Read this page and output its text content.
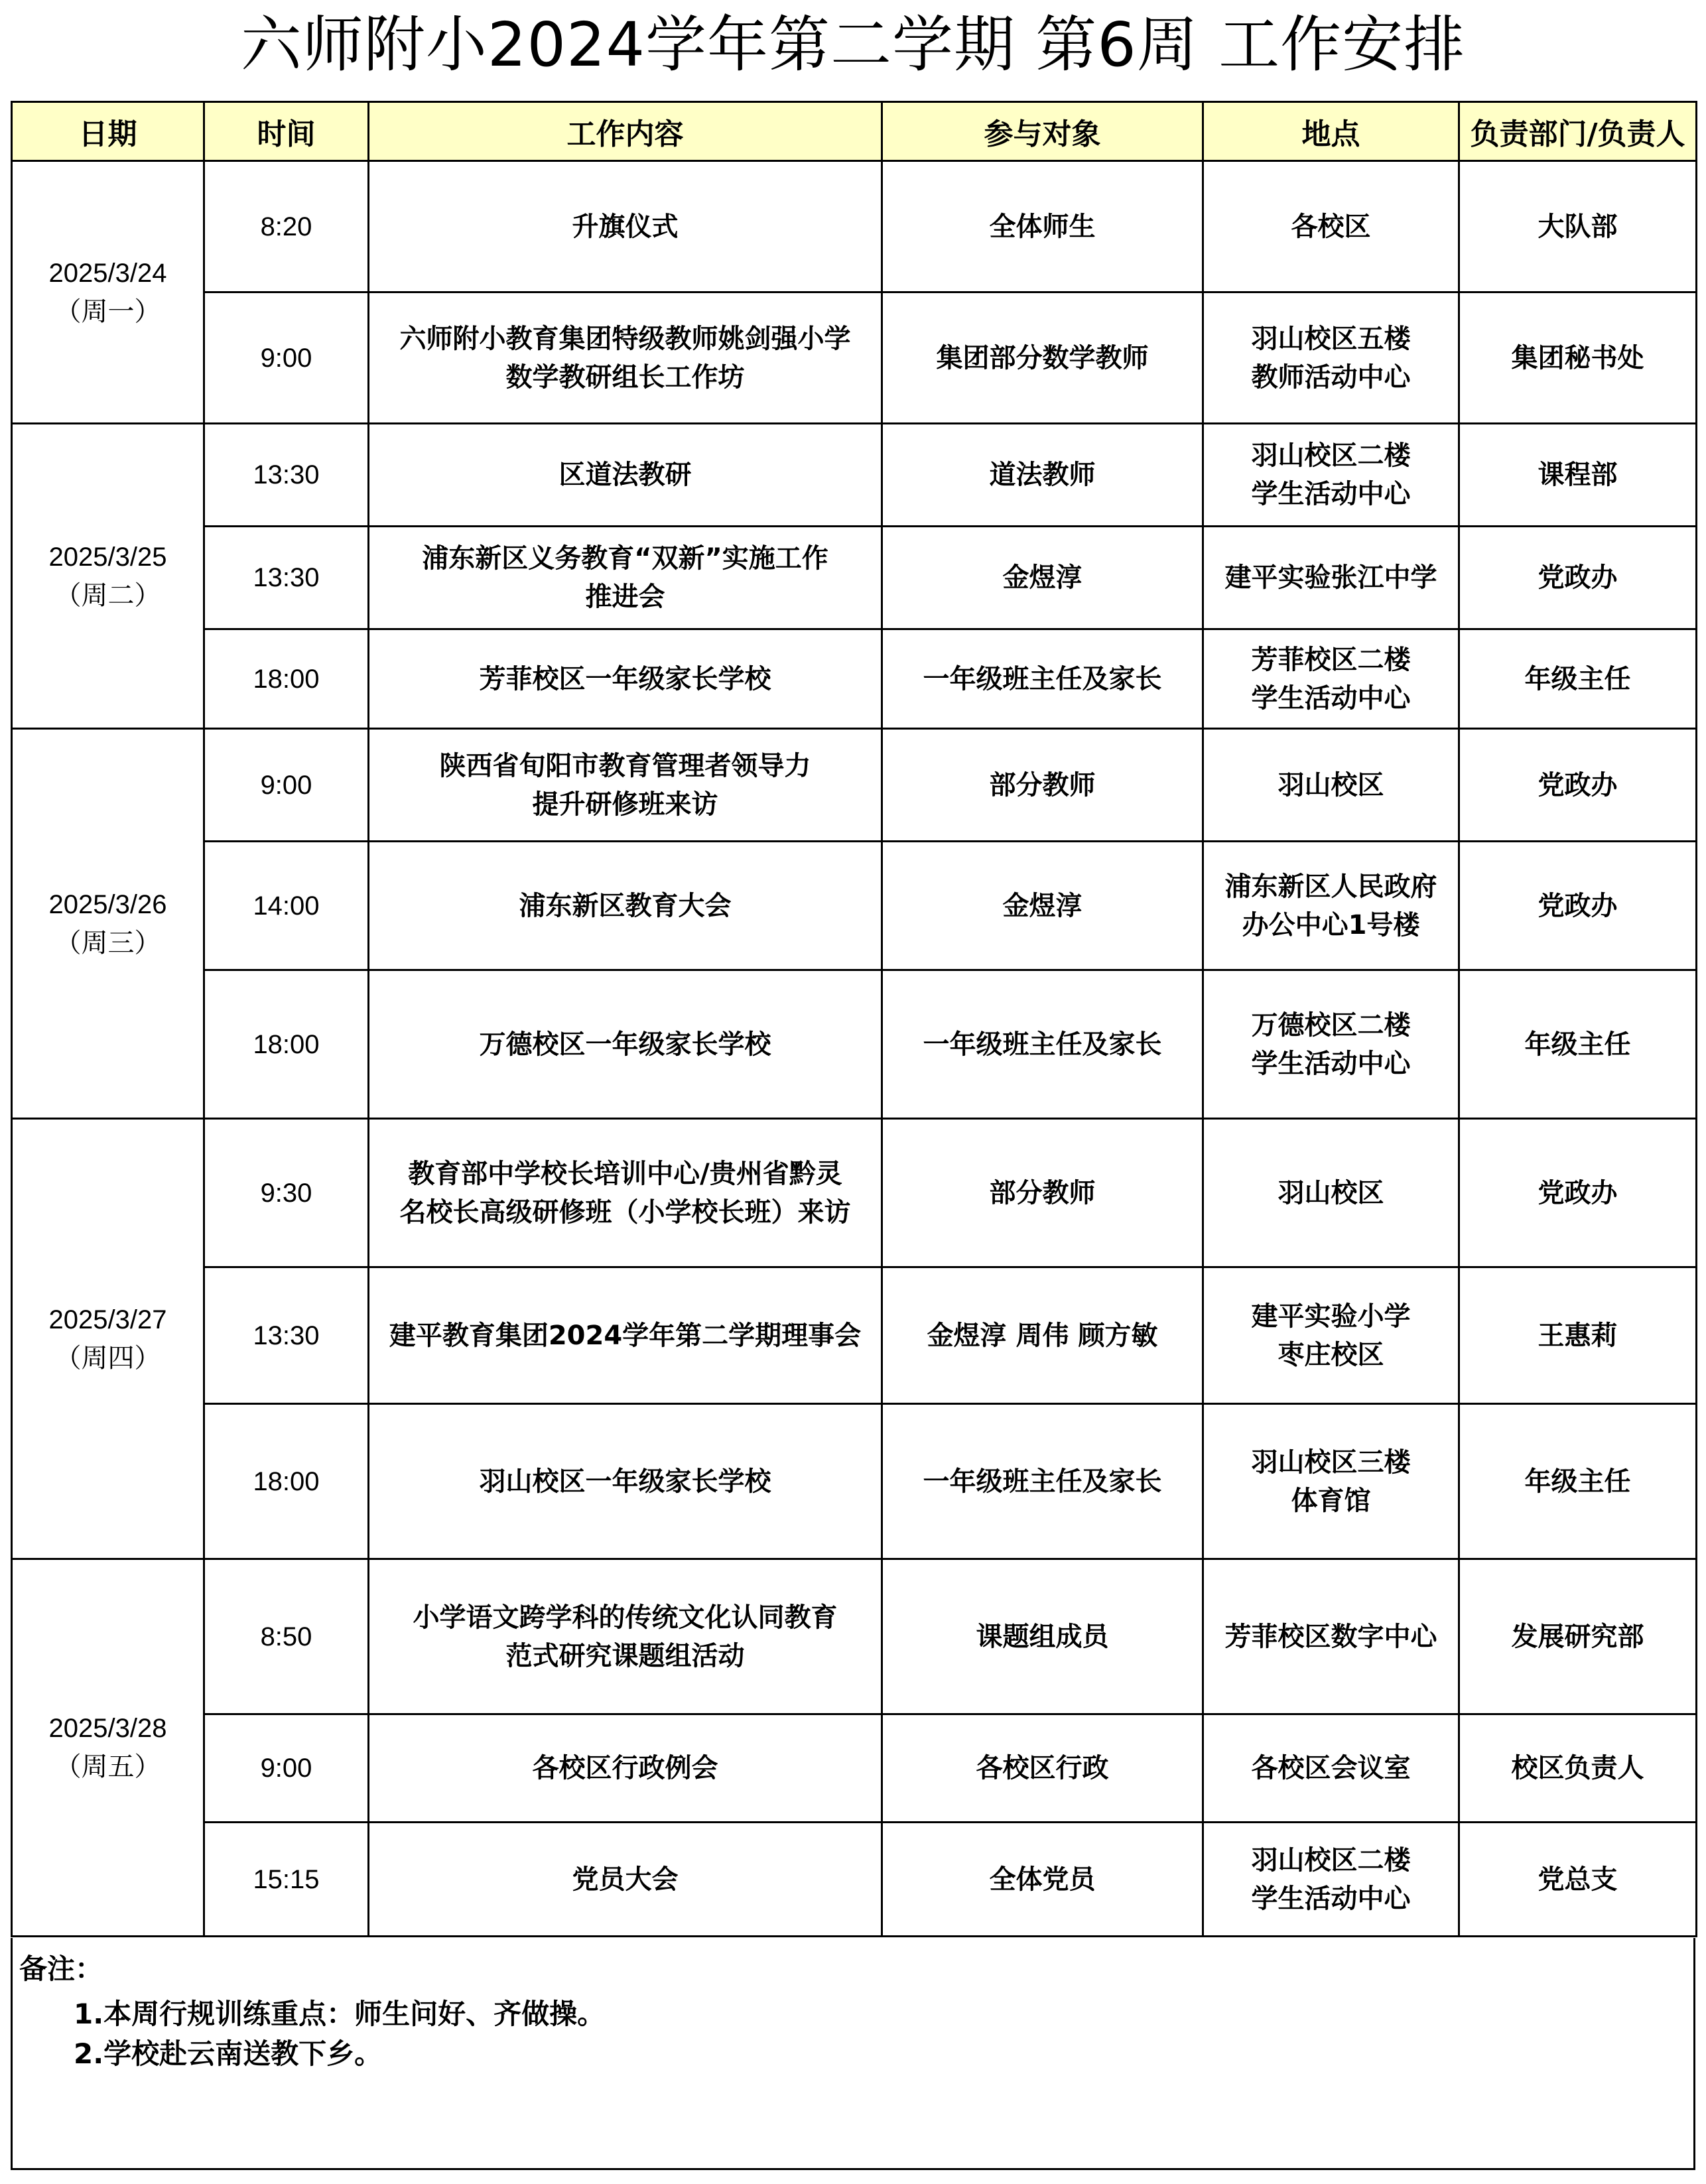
六师附小2024学年第二学期 第6周 工作安排
日期	时间	工作内容	参与对象	地点	负责部门/负责人

2025/3/24
（周一）	8:20	升旗仪式	全体师生	各校区	大队部

	9:00	六师附小教育集团特级教师姚剑强小学
数学教研组长工作坊	集团部分数学教师	羽山校区五楼
教师活动中心	集团秘书处

2025/3/25
（周二）	13:30	区道法教研	道法教师	羽山校区二楼
学生活动中心	课程部

	13:30	浦东新区义务教育“双新”实施工作
推进会	金煜淳	建平实验张江中学	党政办

	18:00	芳菲校区一年级家长学校	一年级班主任及家长	芳菲校区二楼
学生活动中心	年级主任

2025/3/26
（周三）	9:00	陕西省旬阳市教育管理者领导力
提升研修班来访	部分教师	羽山校区	党政办

	14:00	浦东新区教育大会	金煜淳	浦东新区人民政府
办公中心1号楼	党政办

	18:00	万德校区一年级家长学校	一年级班主任及家长	万德校区二楼
学生活动中心	年级主任

2025/3/27
（周四）	9:30	教育部中学校长培训中心/贵州省黔灵
名校长高级研修班（小学校长班）来访	部分教师	羽山校区	党政办

	13:30	建平教育集团2024学年第二学期理事会	金煜淳 周伟 顾方敏	建平实验小学
枣庄校区	王惠莉

	18:00	羽山校区一年级家长学校	一年级班主任及家长	羽山校区三楼
体育馆	年级主任

2025/3/28
（周五）	8:50	小学语文跨学科的传统文化认同教育
范式研究课题组活动	课题组成员	芳菲校区数字中心	发展研究部

	9:00	各校区行政例会	各校区行政	各校区会议室	校区负责人

	15:15	党员大会	全体党员	羽山校区二楼
学生活动中心	党总支
备注：
1.本周行规训练重点：师生问好、齐做操。
2.学校赴云南送教下乡。
